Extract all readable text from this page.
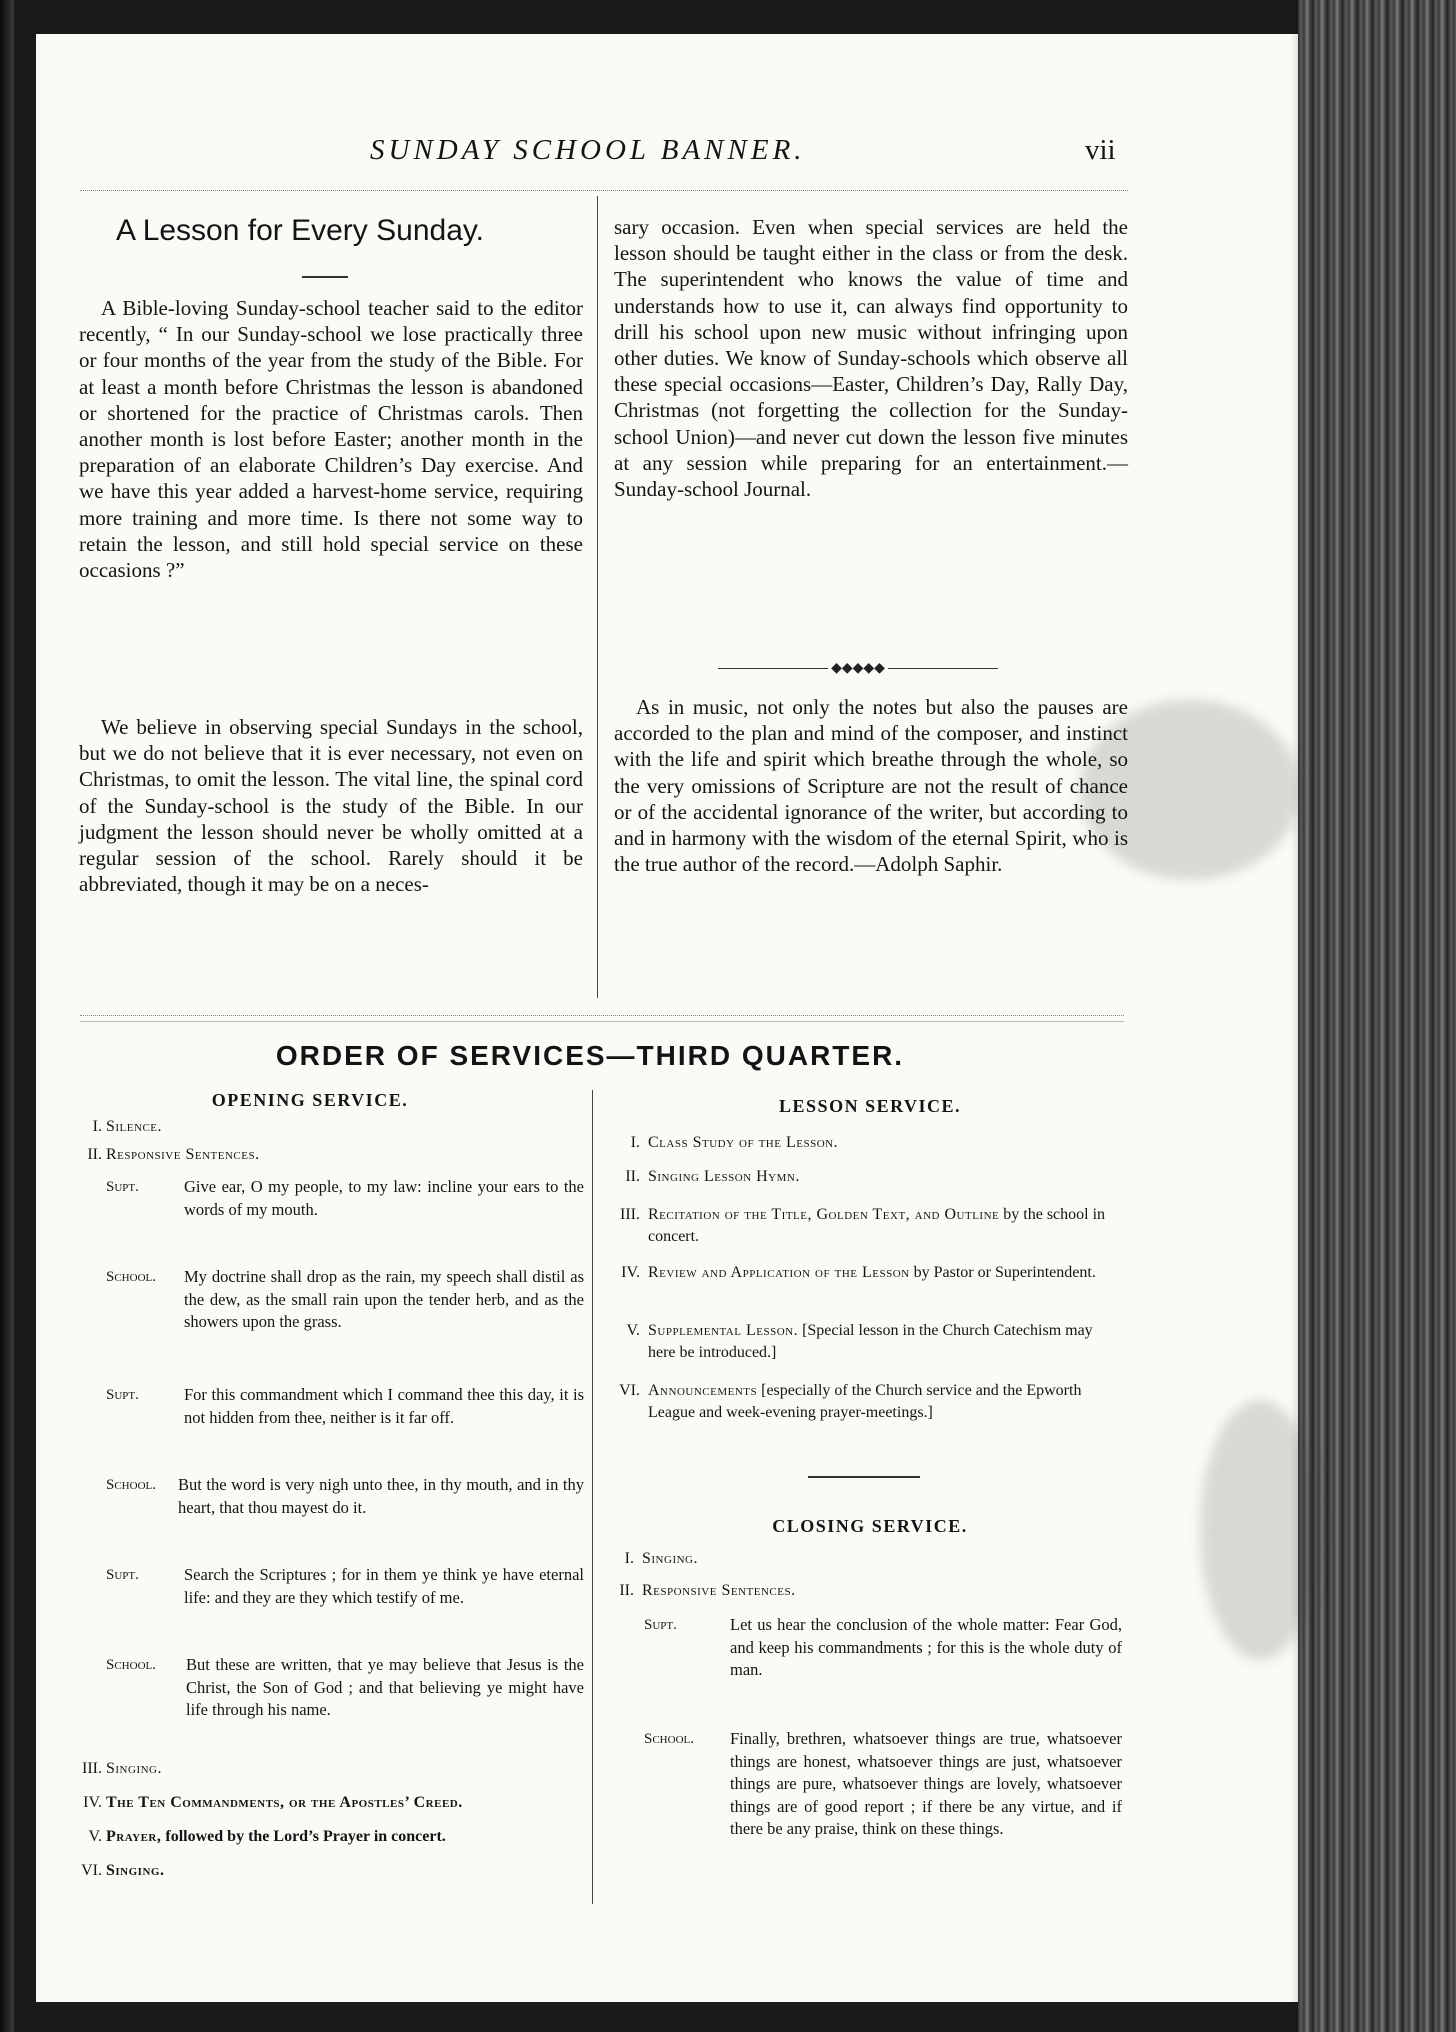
SUNDAY SCHOOL BANNER.	vii
A Lesson for Every Sunday.
A Bible-loving Sunday-school teacher said to the editor recently, “ In our Sunday-school we lose practically three or four months of the year from the study of the Bible. For at least a month before Christmas the lesson is abandoned or shortened for the practice of Christmas carols. Then another month is lost before Easter; another month in the preparation of an elaborate Children’s Day exercise. And we have this year added a harvest-home service, requiring more training and more time. Is there not some way to retain the lesson, and still hold special service on these occasions ?”
We believe in observing special Sundays in the school, but we do not believe that it is ever necessary, not even on Christmas, to omit the lesson. The vital line, the spinal cord of the Sunday-school is the study of the Bible. In our judgment the lesson should never be wholly omitted at a regular session of the school. Rarely should it be abbreviated, though it may be on a neces-
sary occasion. Even when special services are held the lesson should be taught either in the class or from the desk. The superintendent who knows the value of time and understands how to use it, can always find opportunity to drill his school upon new music without infringing upon other duties. We know of Sunday-schools which observe all these special occasions—Easter, Children’s Day, Rally Day, Christmas (not forgetting the collection for the Sunday-school Union)—and never cut down the lesson five minutes at any session while preparing for an entertainment.—Sunday-school Journal.
◆◆◆◆◆
As in music, not only the notes but also the pauses are accorded to the plan and mind of the composer, and instinct with the life and spirit which breathe through the whole, so the very omissions of Scripture are not the result of chance or of the accidental ignorance of the writer, but according to and in harmony with the wisdom of the eternal Spirit, who is the true author of the record.—Adolph Saphir.
ORDER OF SERVICES—THIRD QUARTER.
OPENING SERVICE.
I. Silence.
II. Responsive Sentences.
Supt.	Give ear, O my people, to my law: incline your ears to the words of my mouth.
School.	My doctrine shall drop as the rain, my speech shall distil as the dew, as the small rain upon the tender herb, and as the showers upon the grass.
Supt.	For this commandment which I command thee this day, it is not hidden from thee, neither is it far off.
School.	But the word is very nigh unto thee, in thy mouth, and in thy heart, that thou mayest do it.
Supt.	Search the Scriptures ; for in them ye think ye have eternal life: and they are they which testify of me.
School.	But these are written, that ye may believe that Jesus is the Christ, the Son of God ; and that believing ye might have life through his name.
III. Singing.
IV. The Ten Commandments, or the Apostles’ Creed.
V. Prayer, followed by the Lord’s Prayer in concert.
VI. Singing.
LESSON SERVICE.
I. Class Study of the Lesson.
II. Singing Lesson Hymn.
III. Recitation of the Title, Golden Text, and Outline by the school in concert.
IV. Review and Application of the Lesson by Pastor or Superintendent.
V. Supplemental Lesson. [Special lesson in the Church Catechism may here be introduced.]
VI. Announcements [especially of the Church service and the Epworth League and week-evening prayer-meetings.]
CLOSING SERVICE.
I. Singing.
II. Responsive Sentences.
Supt.	Let us hear the conclusion of the whole matter: Fear God, and keep his commandments ; for this is the whole duty of man.
School.	Finally, brethren, whatsoever things are true, whatsoever things are honest, whatsoever things are just, whatsoever things are pure, whatsoever things are lovely, whatsoever things are of good report ; if there be any virtue, and if there be any praise, think on these things.
